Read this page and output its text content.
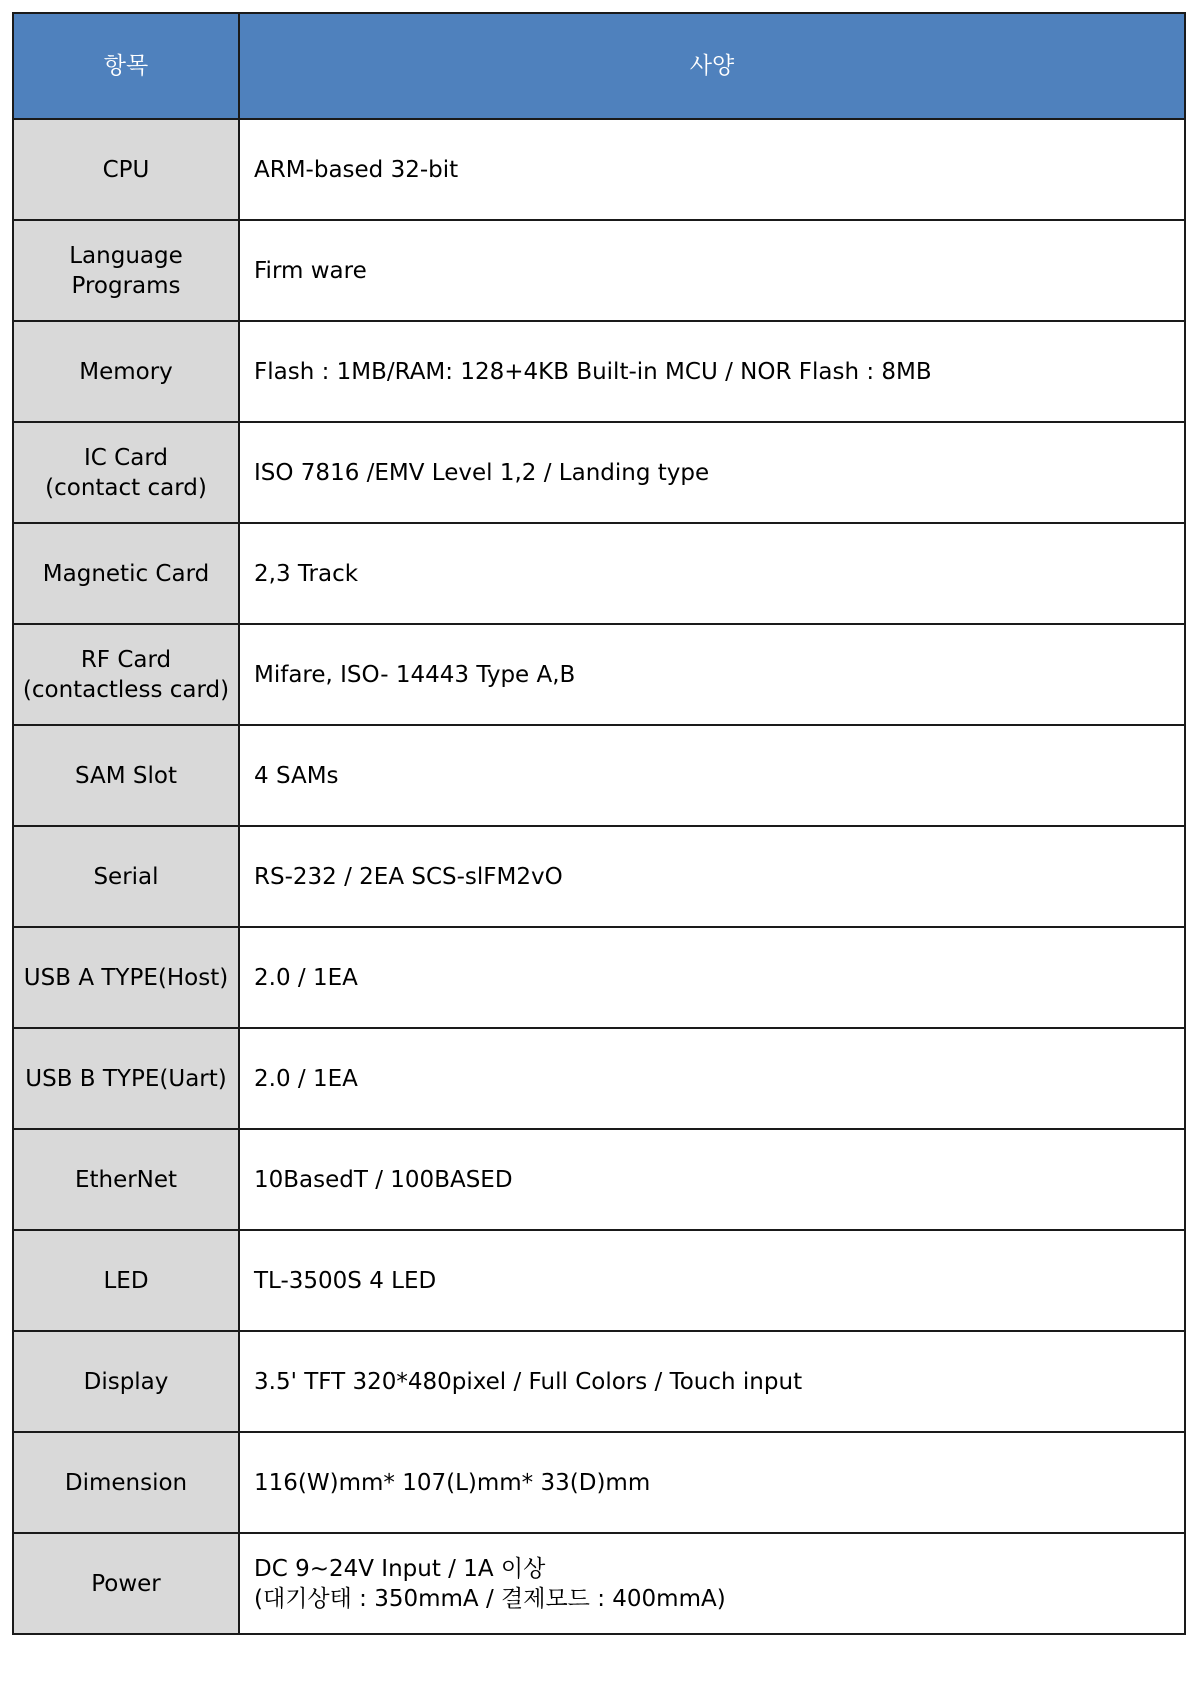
항목	사양

CPU	ARM-based 32-bit

Language
Programs	Firm ware

Memory	Flash : 1MB/RAM: 128+4KB Built-in MCU / NOR Flash : 8MB

IC Card
(contact card)	ISO 7816 /EMV Level 1,2 / Landing type

Magnetic Card	2,3 Track

RF Card
(contactless card)	Mifare, ISO- 14443 Type A,B

SAM Slot	4 SAMs

Serial	RS-232 / 2EA SCS-slFM2vO

USB A TYPE(Host)	2.0 / 1EA

USB B TYPE(Uart)	2.0 / 1EA

EtherNet	10BasedT / 100BASED

LED	TL-3500S 4 LED

Display	3.5' TFT 320*480pixel / Full Colors / Touch input

Dimension	116(W)mm* 107(L)mm* 33(D)mm

Power	DC 9~24V Input / 1A 이상
(대기상태 : 350mmA / 결제모드 : 400mmA)
